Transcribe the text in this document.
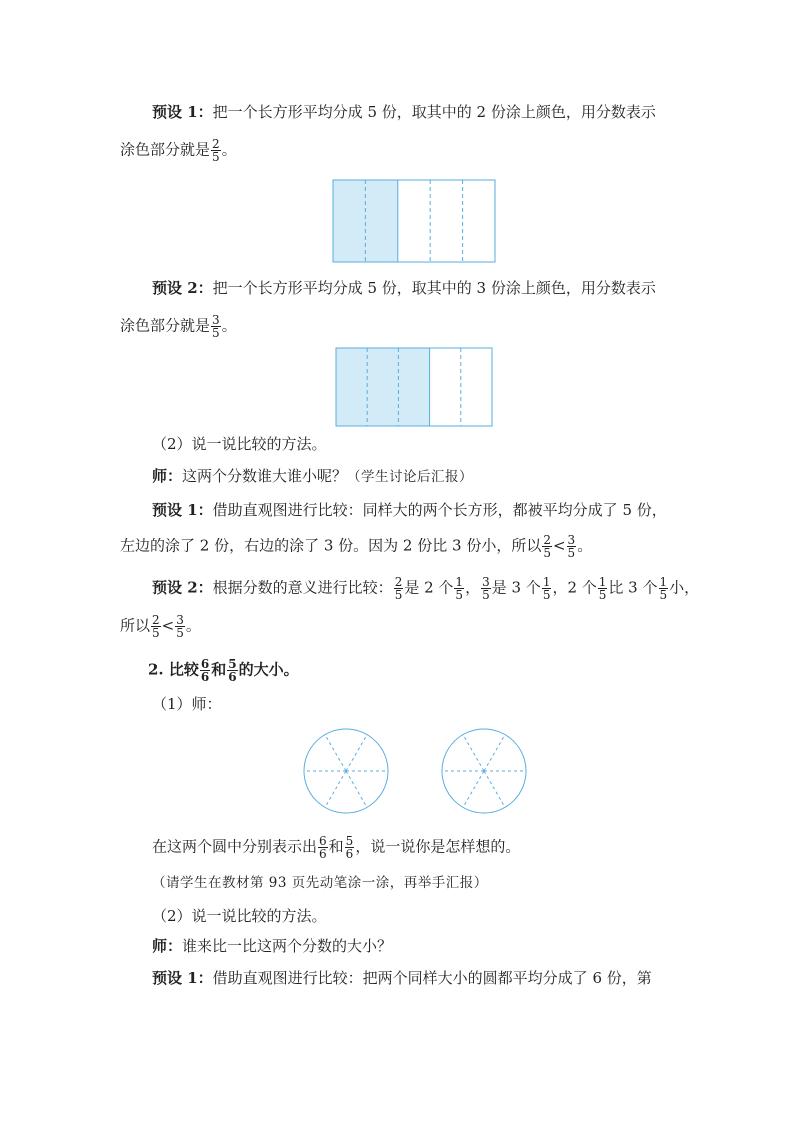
预设 1：把一个长方形平均分成 5 份，取其中的 2 份涂上颜色，用分数表示
涂色部分就是 $\frac{2}{5}$ 。
预设 2：把一个长方形平均分成 5 份，取其中的 3 份涂上颜色，用分数表示
涂色部分就是 $\frac{3}{5}$ 。
（2）说一说比较的方法。
师：这两个分数谁大谁小呢？（学生讨论后汇报）
预设 1：借助直观图进行比较：同样大的两个长方形，都被平均分成了 5 份，
左边的涂了 2 份，右边的涂了 3 份。因为 2 份比 3 份小，所以 $\frac{2}{5} < \frac{3}{5}$ 。
预设 2：根据分数的意义进行比较： $\frac{2}{5}$ 是 2 个 $\frac{1}{5}$ ， $\frac{3}{5}$ 是 3 个 $\frac{1}{5}$ ，2 个 $\frac{1}{5}$ 比 3 个 $\frac{1}{5}$ 小，
所以 $\frac{2}{5} < \frac{3}{5}$ 。
2. 比较 $\frac{6}{6}$ 和 $\frac{5}{6}$ 的大小。
（1）师：
在这两个圆中分别表示出 $\frac{6}{6}$ 和 $\frac{5}{6}$ ，说一说你是怎样想的。
（请学生在教材第 93 页先动笔涂一涂，再举手汇报）
（2）说一说比较的方法。
师：谁来比一比这两个分数的大小？
预设 1：借助直观图进行比较：把两个同样大小的圆都平均分成了 6 份，第
